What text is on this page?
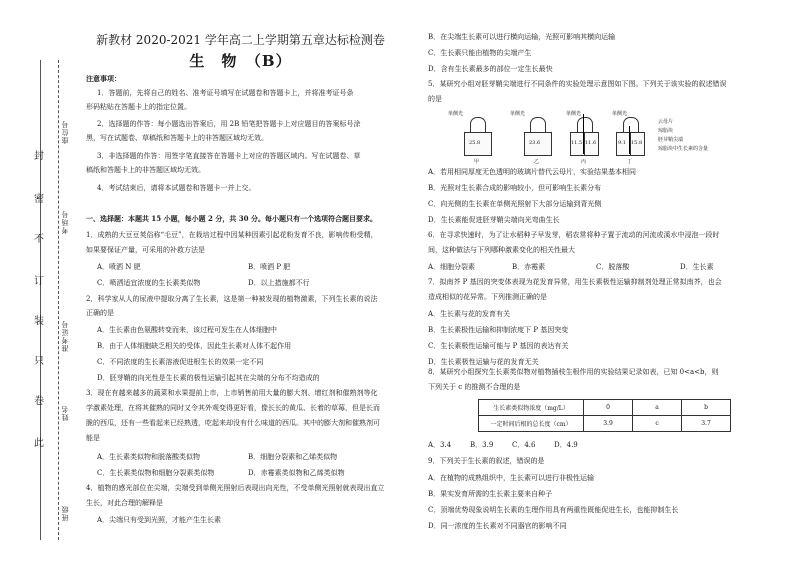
封
密
不
订
装
只
卷
此
座位号
考场号
准考证号
姓名
班级
新教材 2020-2021 学年高二上学期第五章达标检测卷
生　物　（B）
注意事项：
1．答题前，先将自己的姓名、准考证号填写在试题卷和答题卡上，并将准考证号条
形码粘贴在答题卡上的指定位置。
2．选择题的作答：每小题选出答案后，用 2B 铅笔把答题卡上对应题目的答案标号涂
黑，写在试题卷、草稿纸和答题卡上的非答题区域均无效。
3．非选择题的作答：用签字笔直接答在答题卡上对应的答题区域内。写在试题卷、草
稿纸和答题卡上的非答题区域均无效。
4．考试结束后，请将本试题卷和答题卡一并上交。
一、选择题：本题共 15 小题，每小题 2 分，共 30 分。每小题只有一个选项符合题目要求。
1．成熟的大豆豆荚俗称“毛豆”，在栽培过程中因某种因素引起花粉发育不良，影响传粉受精，
如果要保证产量，可采用的补救方法是
A．喷洒 N 肥	B．喷洒 P 肥
C．喷洒适宜浓度的生长素类似物	D．以上措施都不行
2．科学家从人的尿液中提取分离了生长素，这是第一种被发现的植物激素，下列生长素的说法
正确的是
A．生长素由色氨酸转变而来，该过程可发生在人体细胞中
B．由于人体细胞缺乏相关的受体，因此生长素对人体不起作用
C．不同浓度的生长素溶液促进根生长的效果一定不同
D．胚芽鞘的向光性是生长素的极性运输引起其在尖端的分布不均造成的
3．现在有越来越多的蔬菜和水果提前上市，上市销售前用大量的膨大剂、增红剂和催熟剂等化
学激素处理，在将其催熟的同时又令其外观变得更好看，像长长的黄瓜、长着的草莓，但是长而
脆的西瓜，还有一些看起来已经熟透，吃起来却没有什么味道的西瓜。其中的膨大剂和催熟剂可
能是
A．生长素类似物和脱落酸类似物	B．细胞分裂素和乙烯类似物
C．生长素类似物和细胞分裂素类似物	D．赤霉素类似物和乙烯类似物
4．植物的感光部位在尖端，尖端受到单侧光照射后表现出向光性，不受单侧光照射就表现出直立
生长，对此合理的解释是
A．尖端只有受到光照，才能产生生长素
B．在尖端生长素可以进行横向运输，光照可影响其横向运输
C．生长素只能由植物的尖端产生
D．含有生长素最多的部位一定生长最快
5．某研究小组对胚芽鞘尖端进行不同条件的实验处理示意图如下图。下列关于该实验的叙述错误
的是
单侧光
25.8
甲
单侧光
23.6
乙
单侧光
11.5 11.6
丙
单侧光
9.1 15.8
丁
云母片
琼脂块
胚芽鞘尖端
琼脂块中生长素的含量
A．若用相同厚度无色透明的玻璃片替代云母片，实验结果基本相同
B．光照对生长素合成的影响较小，但可影响生长素分布
C．向光侧的生长素在单侧光照射下大部分运输到背光侧
D．生长素能促进胚芽鞘尖端向光弯曲生长
6．在寻求快速时，为了让水稻种子早发芽，稻农常将种子置于流动的河流或溪水中浸泡一段时
间，这种做法与下列哪种激素变化的相关性最大
A．细胞分裂素	B．赤霉素	C．脱落酸	D．生长素
7．拟南芥 P 基因的突变体表现为花发育异常，用生长素极性运输抑制剂处理正常拟南芥，也会
造成相似的花异常。下列推测正确的是
A．生长素与花的发育有关
B．生长素极性运输和抑制浓度下 P 基因突变
C．生长素极性运输可能与 P 基因的表达有关
D．生长素极性运输与花的发育无关
8．某研究小组探究生长素类似物对植物插枝生根作用的实验结果记录如表，已知 0<a<b，则
下列关于 c 的推测不合理的是
生长素类似物浓度（mg/L）	0	a	b
一定时间后根的总长度（cm）	3.9	c	3.7
A．3.4	B．3.9	C．4.6	D．4.9
9．下列关于生长素的叙述，错误的是
A．在植物的成熟组织中，生长素可以进行非极性运输
B．果实发育所需的生长素主要来自种子
C．顶端优势现象说明生长素的生理作用具有两重性既能促进生长，也能抑制生长
D．同一浓度的生长素对不同器官的影响不同
